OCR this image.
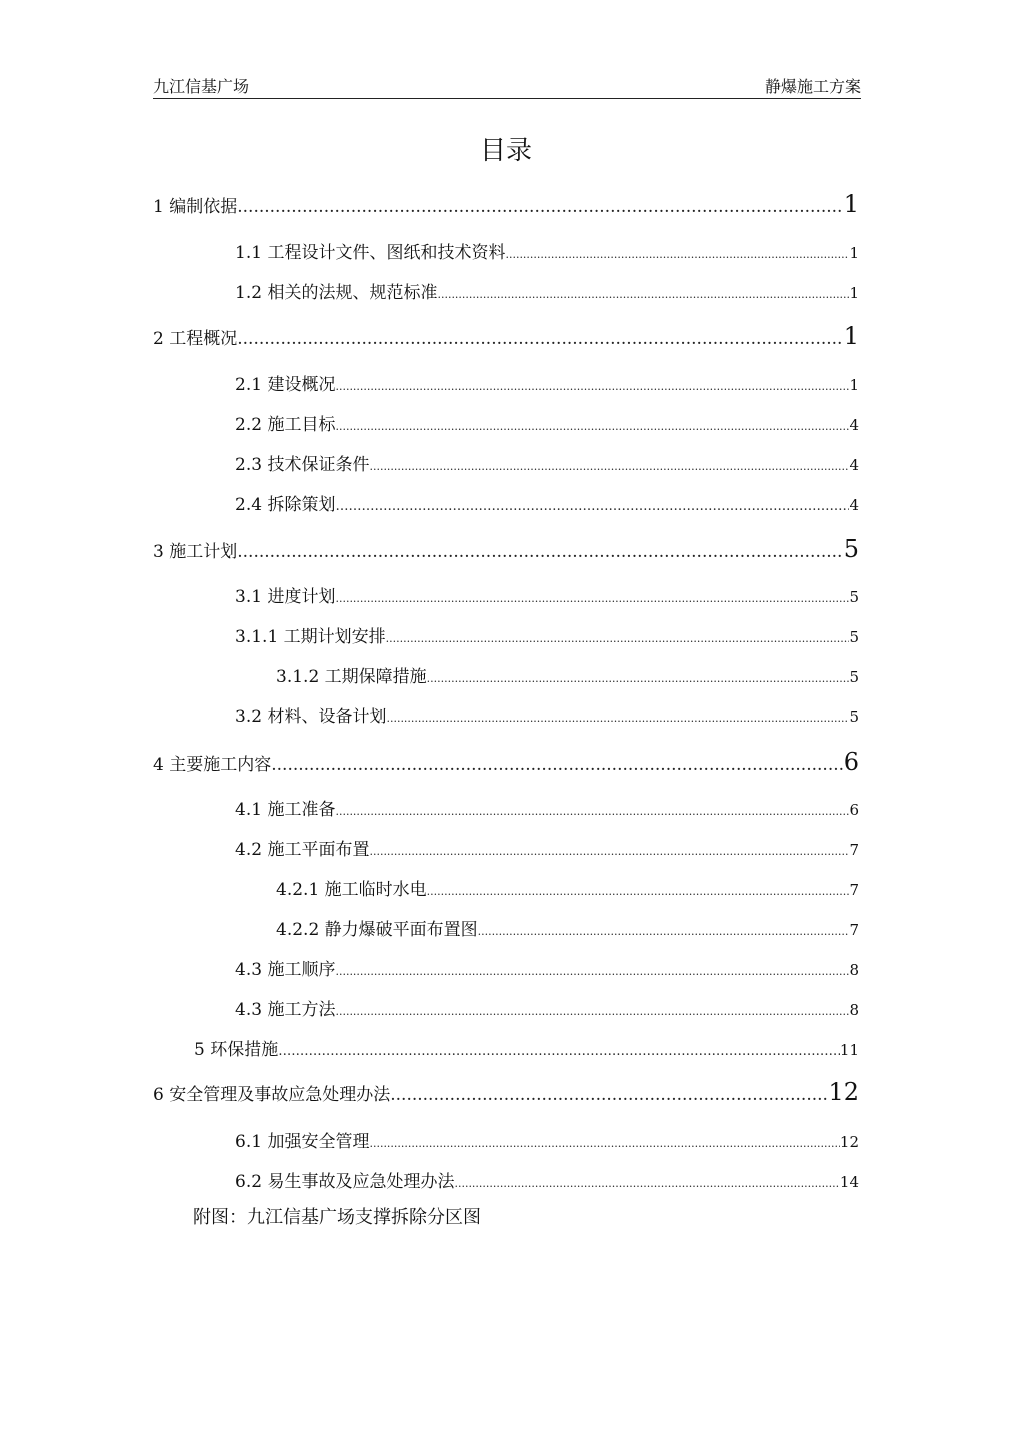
九江信基广场	静爆施工方案
目录
1 编制依据 .....	1
1.1 工程设计文件、图纸和技术资料 .....	1
1.2 相关的法规、规范标准 .....	1
2 工程概况 .....	1
2.1 建设概况 .....	1
2.2 施工目标 .....	4
2.3 技术保证条件 .....	4
2.4 拆除策划 ……………………………………………………………………………………………………………………………………………………………	4
3 施工计划 .....	5
3.1 进度计划 .....	5
3.1.1 工期计划安排 .....	5
3.1.2 工期保障措施 .....	5
3.2 材料、设备计划 .....	5
4 主要施工内容 .....	6
4.1 施工准备 .....	6
4.2 施工平面布置 .....	7
4.2.1 施工临时水电 .....	7
4.2.2 静力爆破平面布置图 .....	7
4.3 施工顺序 .....	8
4.3 施工方法 .....	8
5 环保措施 ……………………………………………………………………………………………………………………………………………………………	11
6 安全管理及事故应急处理办法 .....	12
6.1 加强安全管理 .....	12
6.2 易生事故及应急处理办法 .....	14
附图：九江信基广场支撑拆除分区图
